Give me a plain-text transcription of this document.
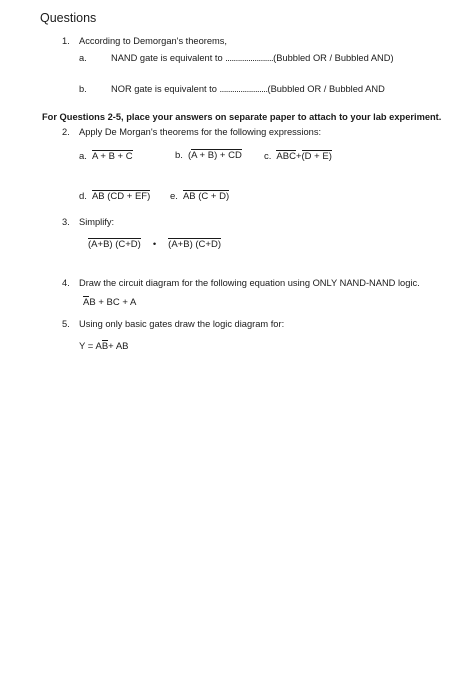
Questions
1. According to Demorgan's theorems,
a.	NAND gate is equivalent to .......................(Bubbled OR / Bubbled AND)
b.	NOR gate is equivalent to .......................(Bubbled OR / Bubbled AND
For Questions 2-5, place your answers on separate paper to attach to your lab experiment.
2. Apply De Morgan's theorems for the following expressions:
a. A + B + C	b. (A + B) + CD c. ABC + (D + E)
d. AB (CD + EF) e. AB (C + D)
3. Simplify:
(A+B) (C+D) • (A+B) (C+D)
4. Draw the circuit diagram for the following equation using ONLY NAND-NAND logic.
A B + BC + A
5. Using only basic gates draw the logic diagram for:
Y = A B + AB
